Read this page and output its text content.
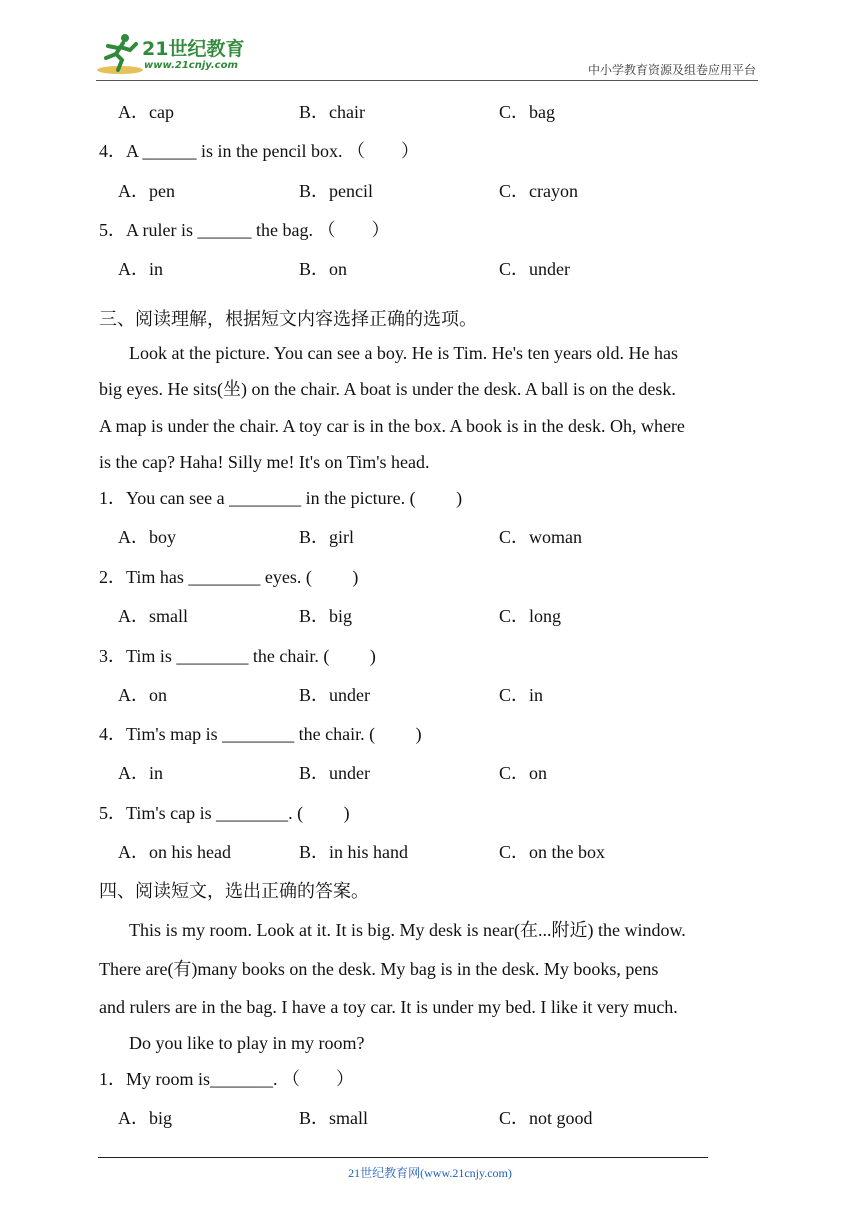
21世纪教育
www.21cnjy.com	中小学教育资源及组卷应用平台
A．cap	B．chair	C．bag
4．A ______ is in the pencil box. （　　）
A．pen	B．pencil	C．crayon
5．A ruler is ______ the bag. （　　）
A．in	B．on	C．under
三、阅读理解，根据短文内容选择正确的选项。
Look at the picture. You can see a boy. He is Tim. He's ten years old. He has
big eyes. He sits(坐) on the chair. A boat is under the desk. A ball is on the desk.
A map is under the chair. A toy car is in the box. A book is in the desk. Oh, where
is the cap? Haha! Silly me! It's on Tim's head.
1．You can see a ________ in the picture. (　　 )
A．boy	B．girl	C．woman
2．Tim has ________ eyes. (　　 )
A．small	B．big	C．long
3．Tim is ________ the chair. (　　 )
A．on	B．under	C．in
4．Tim's map is ________ the chair. (　　 )
A．in	B．under	C．on
5．Tim's cap is ________. (　　 )
A．on his head	B．in his hand	C．on the box
四、阅读短文，选出正确的答案。
This is my room. Look at it. It is big. My desk is near(在...附近) the window.
There are(有)many books on the desk. My bag is in the desk. My books, pens
and rulers are in the bag. I have a toy car. It is under my bed. I like it very much.
Do you like to play in my room?
1．My room is_______. （　　）
A．big	B．small	C．not good
21世纪教育网(www.21cnjy.com)
